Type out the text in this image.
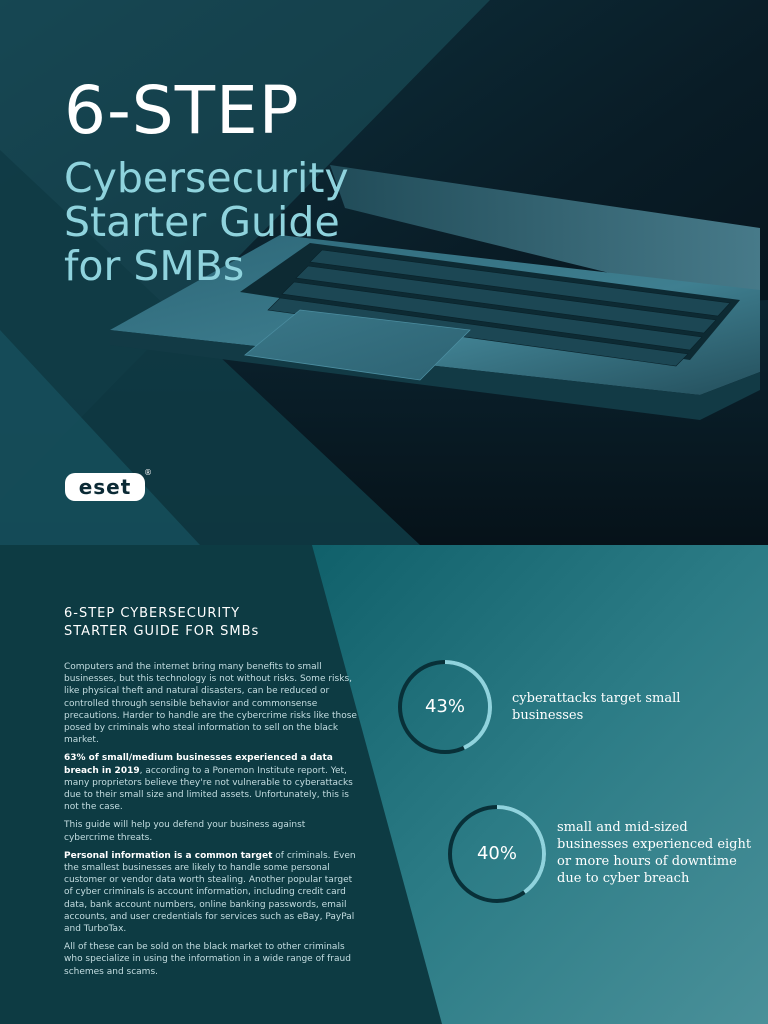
6-STEP
Cybersecurity
Starter Guide
for SMBs
eset
®
6-STEP CYBERSECURITY
STARTER GUIDE FOR SMBs

Computers and the internet bring many benefits to small businesses, but this technology is not without risks. Some risks, like physical theft and natural disasters, can be reduced or controlled through sensible behavior and commonsense precautions. Harder to handle are the cybercrime risks like those posed by criminals who steal information to sell on the black market.

63% of small/medium businesses experienced a data breach in 2019, according to a Ponemon Institute report. Yet, many proprietors believe they're not vulnerable to cyberattacks due to their small size and limited assets. Unfortunately, this is not the case.

This guide will help you defend your business against cybercrime threats.

Personal information is a common target of criminals. Even the smallest businesses are likely to handle some personal customer or vendor data worth stealing. Another popular target of cyber criminals is account information, including credit card data, bank account numbers, online banking passwords, email accounts, and user credentials for services such as eBay, PayPal and TurboTax.

All of these can be sold on the black market to other criminals who specialize in using the information in a wide range of fraud schemes and scams.

43%	cyberattacks target small
businesses
40%
small and mid-sized
businesses experienced eight
or more hours of downtime
due to cyber breach
